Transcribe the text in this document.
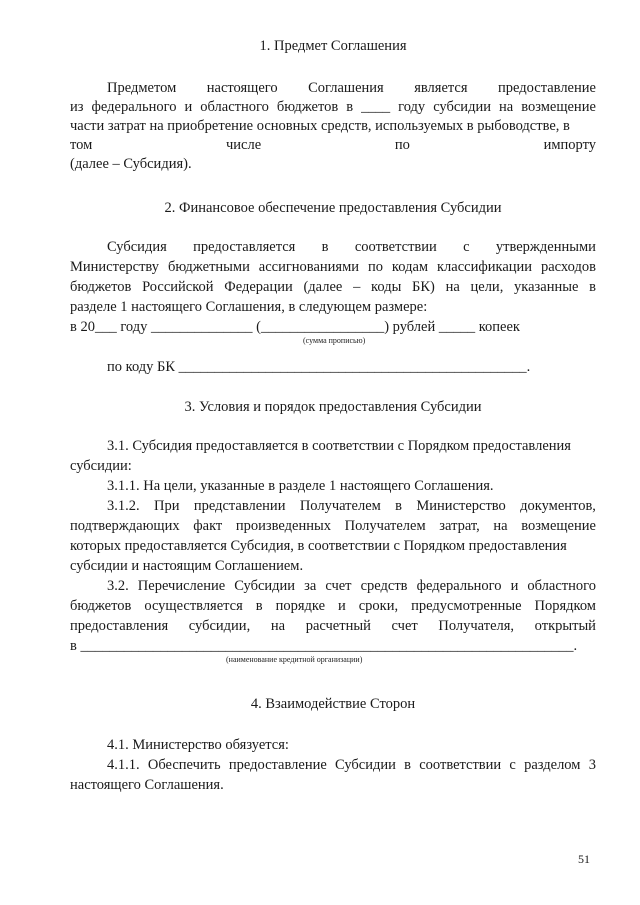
1. Предмет Соглашения
Предметом настоящего Соглашения является предоставление
из федерального и областного бюджетов в ____ году субсидии на возмещение
части затрат на приобретение основных средств, используемых в рыбоводстве, в
том	числе	по	импорту
(далее – Субсидия).
2. Финансовое обеспечение предоставления Субсидии
Субсидия предоставляется в соответствии с утвержденными
Министерству бюджетными ассигнованиями по кодам классификации расходов
бюджетов Российской Федерации (далее – коды БК) на цели, указанные в
разделе 1 настоящего Соглашения, в следующем размере:
в 20___ году ______________ (_________________) рублей _____ копеек
(сумма прописью)
по коду БК ________________________________________________.
3. Условия и порядок предоставления Субсидии
3.1. Субсидия предоставляется в соответствии с Порядком предоставления
субсидии:
3.1.1. На цели, указанные в разделе 1 настоящего Соглашения.
3.1.2. При представлении Получателем в Министерство документов,
подтверждающих факт произведенных Получателем затрат, на возмещение
которых предоставляется Субсидия, в соответствии с Порядком предоставления
субсидии и настоящим Соглашением.
3.2. Перечисление Субсидии за счет средств федерального и областного
бюджетов осуществляется в порядке и сроки, предусмотренные Порядком
предоставления субсидии, на расчетный счет Получателя, открытый
в ____________________________________________________________________.
(наименование кредитной организации)
4. Взаимодействие Сторон
4.1. Министерство обязуется:
4.1.1. Обеспечить предоставление Субсидии в соответствии с разделом 3
настоящего Соглашения.
51
